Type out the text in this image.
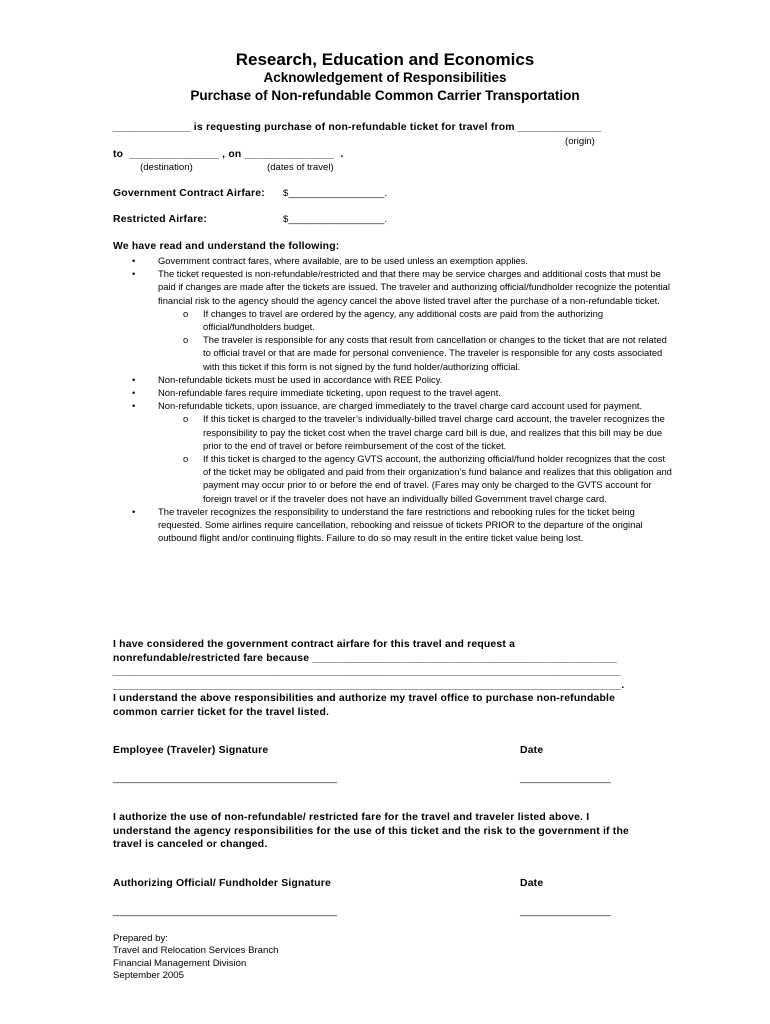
Research, Education and Economics
Acknowledgement of Responsibilities
Purchase of Non-refundable Common Carrier Transportation
_____________ is requesting purchase of non-refundable ticket for travel from ______________
(origin)
to  _______________ , on _______________  .
(destination)	(dates of travel)
Government Contract Airfare: $__________________.
Restricted Airfare:	$__________________.
We have read and understand the following:
• Government contract fares, where available, are to be used unless an exemption applies.
• The ticket requested is non-refundable/restricted and that there may be service charges and additional costs that must be paid if changes are made after the tickets are issued. The traveler and authorizing official/fundholder recognize the potential financial risk to the agency should the agency cancel the above listed travel after the purchase of a non-refundable ticket.
o If changes to travel are ordered by the agency, any additional costs are paid from the authorizing official/fundholders budget.
o The traveler is responsible for any costs that result from cancellation or changes to the ticket that are not related to official travel or that are made for personal convenience. The traveler is responsible for any costs associated with this ticket if this form is not signed by the fund holder/authorizing official.
• Non-refundable tickets must be used in accordance with REE Policy.
• Non-refundable fares require immediate ticketing, upon request to the travel agent.
• Non-refundable tickets, upon issuance, are charged immediately to the travel charge card account used for payment.
o If this ticket is charged to the traveler’s individually-billed travel charge card account, the traveler recognizes the responsibility to pay the ticket cost when the travel charge card bill is due, and realizes that this bill may be due prior to the end of travel or before reimbursement of the cost of the ticket.
o If this ticket is charged to the agency GVTS account, the authorizing official/fund holder recognizes that the cost of the ticket may be obligated and paid from their organization’s fund balance and realizes that this obligation and payment may occur prior to or before the end of travel. (Fares may only be charged to the GVTS account for foreign travel or if the traveler does not have an individually billed Government travel charge card.
• The traveler recognizes the responsibility to understand the fare restrictions and rebooking rules for the ticket being requested. Some airlines require cancellation, rebooking and reissue of tickets PRIOR to the departure of the original outbound flight and/or continuing flights. Failure to do so may result in the entire ticket value being lost.
I have considered the government contract airfare for this travel and request a
nonrefundable/restricted fare because ___________________________________________________
_____________________________________________________________________________________
_____________________________________________________________________________________.
I understand the above responsibilities and authorize my travel office to purchase non-refundable
common carrier ticket for the travel listed.
Employee (Traveler) Signature	Date
__________________________________________	_________________
I authorize the use of non-refundable/ restricted fare for the travel and traveler listed above. I
understand the agency responsibilities for the use of this ticket and the risk to the government if the
travel is canceled or changed.
Authorizing Official/ Fundholder Signature	Date
__________________________________________	_________________
Prepared by:
Travel and Relocation Services Branch
Financial Management Division
September 2005
